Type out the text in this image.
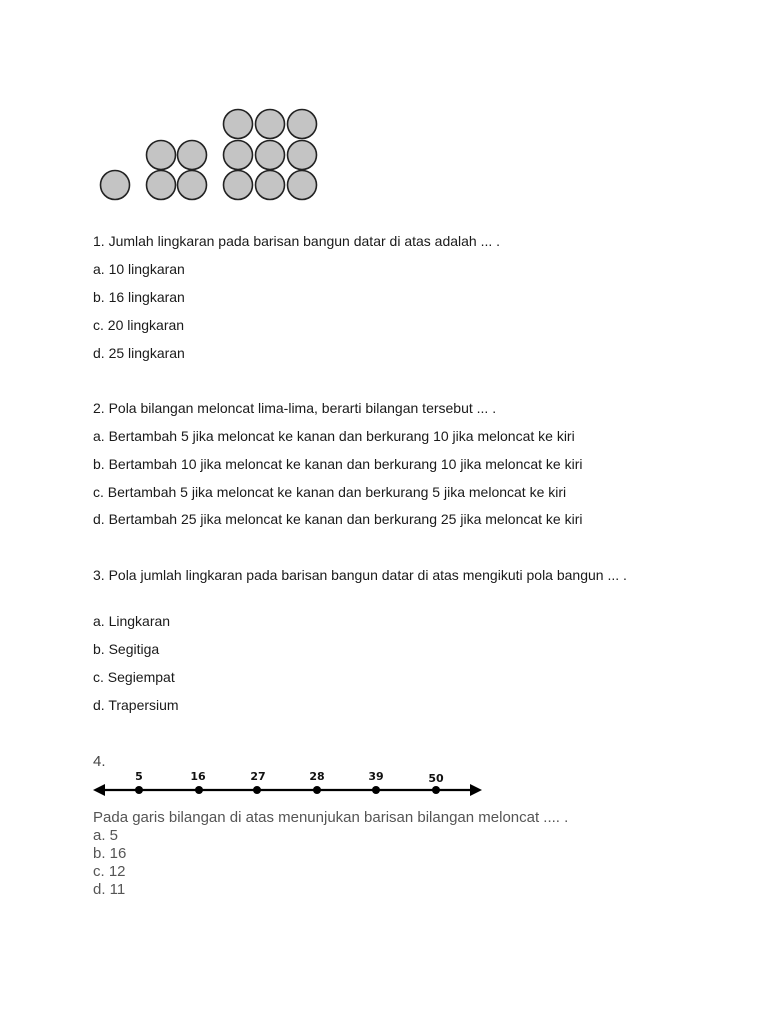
1. Jumlah lingkaran pada barisan bangun datar di atas adalah ... .
a. 10 lingkaran
b. 16 lingkaran
c. 20 lingkaran
d. 25 lingkaran
2. Pola bilangan meloncat lima-lima, berarti bilangan tersebut ... .
a. Bertambah 5 jika meloncat ke kanan dan berkurang 10 jika meloncat ke kiri
b. Bertambah 10 jika meloncat ke kanan dan berkurang 10 jika meloncat ke kiri
c. Bertambah 5 jika meloncat ke kanan dan berkurang 5 jika meloncat ke kiri
d. Bertambah 25 jika meloncat ke kanan dan berkurang 25 jika meloncat ke kiri
3. Pola jumlah lingkaran pada barisan bangun datar di atas mengikuti pola bangun ... .
a. Lingkaran
b. Segitiga
c. Segiempat
d. Trapersium
4.
5	16	27	28	39	50
Pada garis bilangan di atas menunjukan barisan bilangan meloncat .... .
a. 5
b. 16
c. 12
d. 11
